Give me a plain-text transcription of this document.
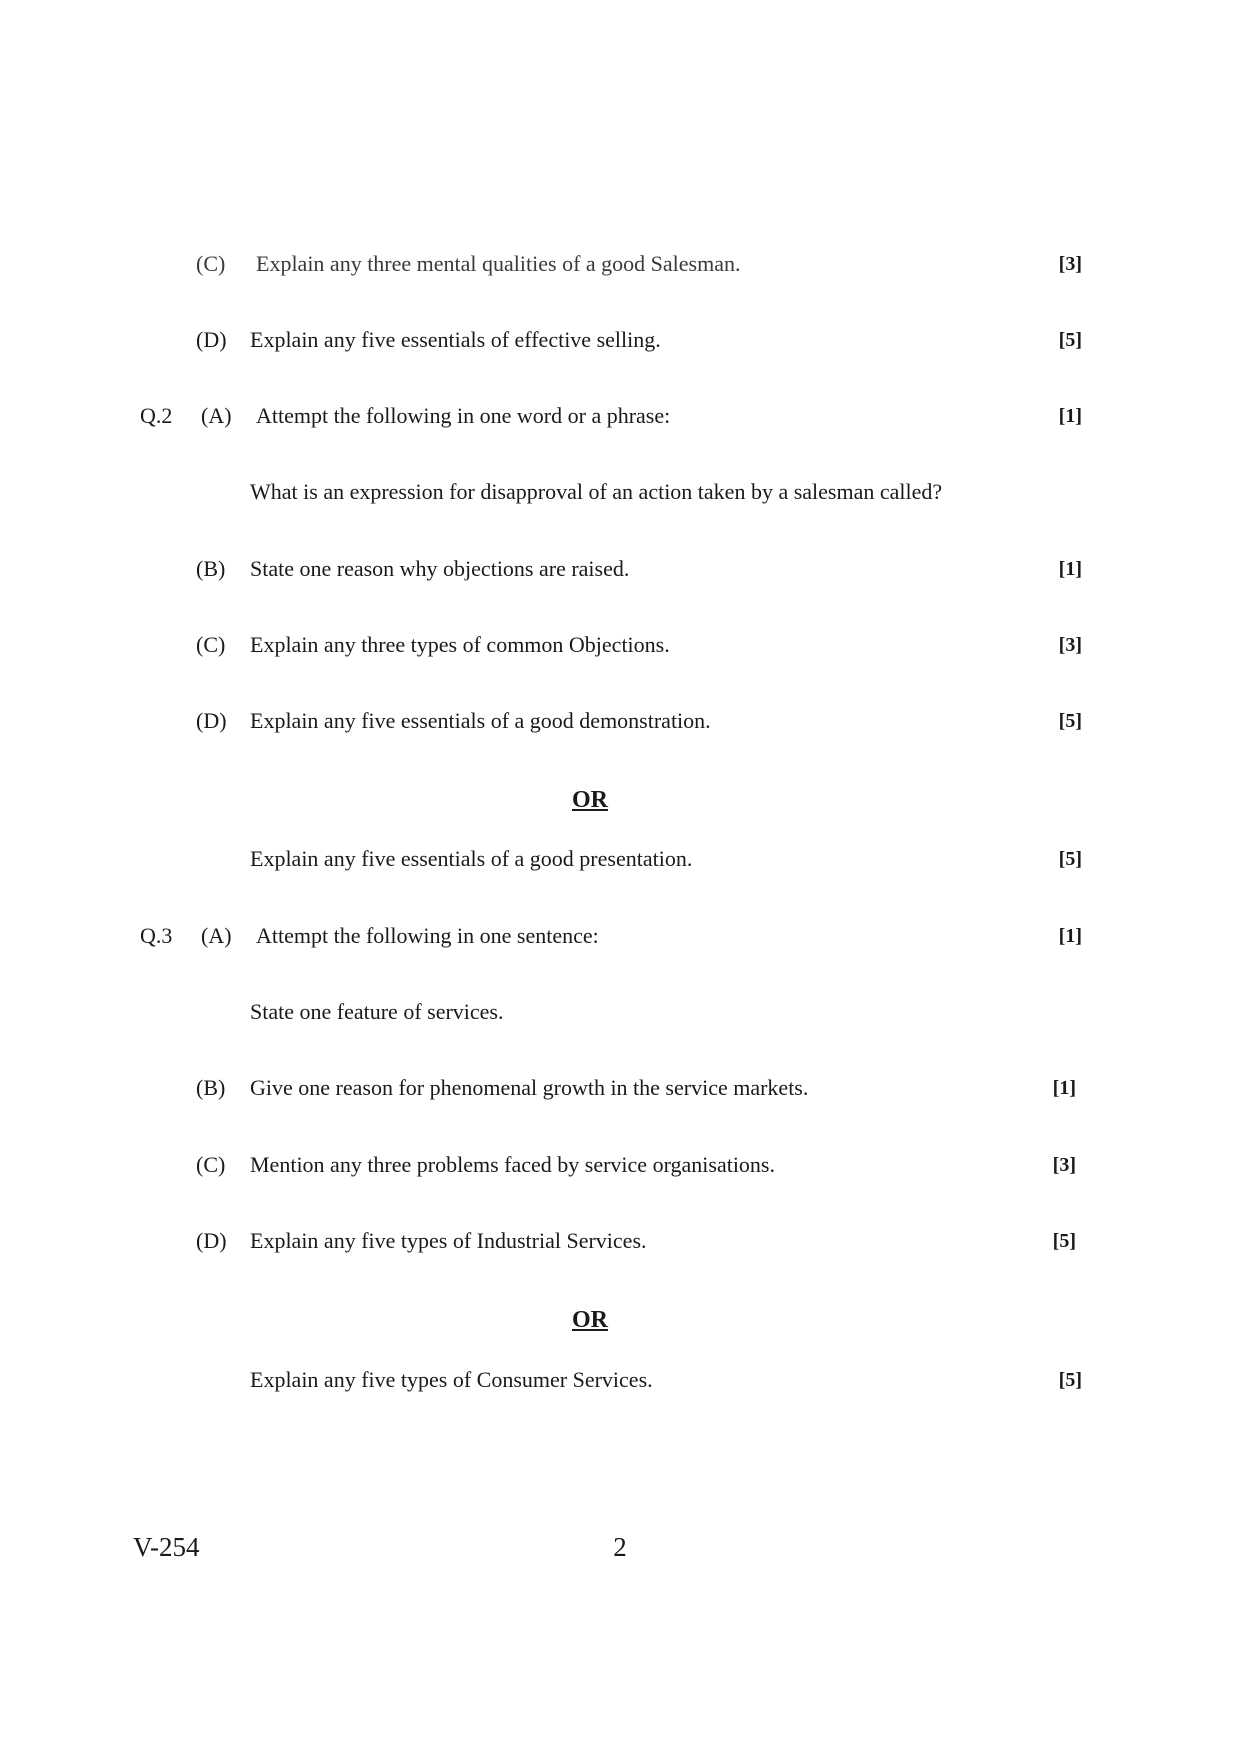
(C) Explain any three mental qualities of a good Salesman.	[3]
(D) Explain any five essentials of effective selling.	[5]
Q.2 (A) Attempt the following in one word or a phrase:	[1]
What is an expression for disapproval of an action taken by a salesman called?
(B) State one reason why objections are raised.	[1]
(C) Explain any three types of common Objections.	[3]
(D) Explain any five essentials of a good demonstration.	[5]
OR
Explain any five essentials of a good presentation.	[5]
Q.3 (A) Attempt the following in one sentence:	[1]
State one feature of services.
(B) Give one reason for phenomenal growth in the service markets.	[1]
(C) Mention any three problems faced by service organisations.	[3]
(D) Explain any five types of Industrial Services.	[5]
OR
Explain any five types of Consumer Services.	[5]
V-254	2
